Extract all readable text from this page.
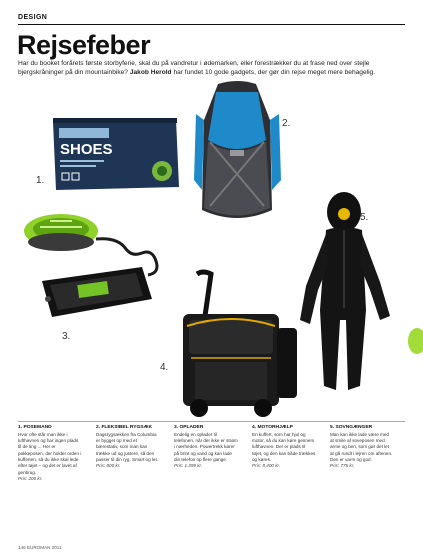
DESIGN
Rejsefeber
Har du booket forårets første storbyferie, skal du på vandretur i ødemarken, eller forestrækker du at frase ned over stejle bjergskråninger på din mountainbike? Jakob Herold har fundet 10 gode gadgets, der gør din rejse meget mere behagelig.
SHOES
1.
2.
3.
4.
5.
1. POSEMAND
Hvor ofte står man ikke i lufthavnen og har ingen plads til de ting ... Her er pakkeposen, der holder orden i kufferten, så du ikke skal lede efter tøjet – og det er lavet af genbrug.
Pris: 200 kr.
2. FLEKSIBEL RYGSÆK
Dagsrygsækken fra Columbia er bygget op med et bærestativ, som man kan trække ud og justere, så den passer til din ryg. Smart og let.
Pris: 800 kr.
3. OPLADER
Endelig en oplader til telefonen, når der ikke er strøm i nærheden. Powertrekk kører på brint og vand og kan lade din telefon op flere gange.
Pris: 1.399 kr.
4. MOTORHJÆLP
En kuffert, som har hjul og motor, så du kan køre gennem lufthavnen. Der er plads til tøjet, og den kan både trækkes og køres.
Pris: 8.400 kr.
5. SOVNGÆNGER
Man kan ikke lade være med at smile af soveposen med arme og ben, som gør det let at gå rundt i lejren om aftenen. Den er varm og god.
Pris: 775 kr.
146 EUROMAN 2011
